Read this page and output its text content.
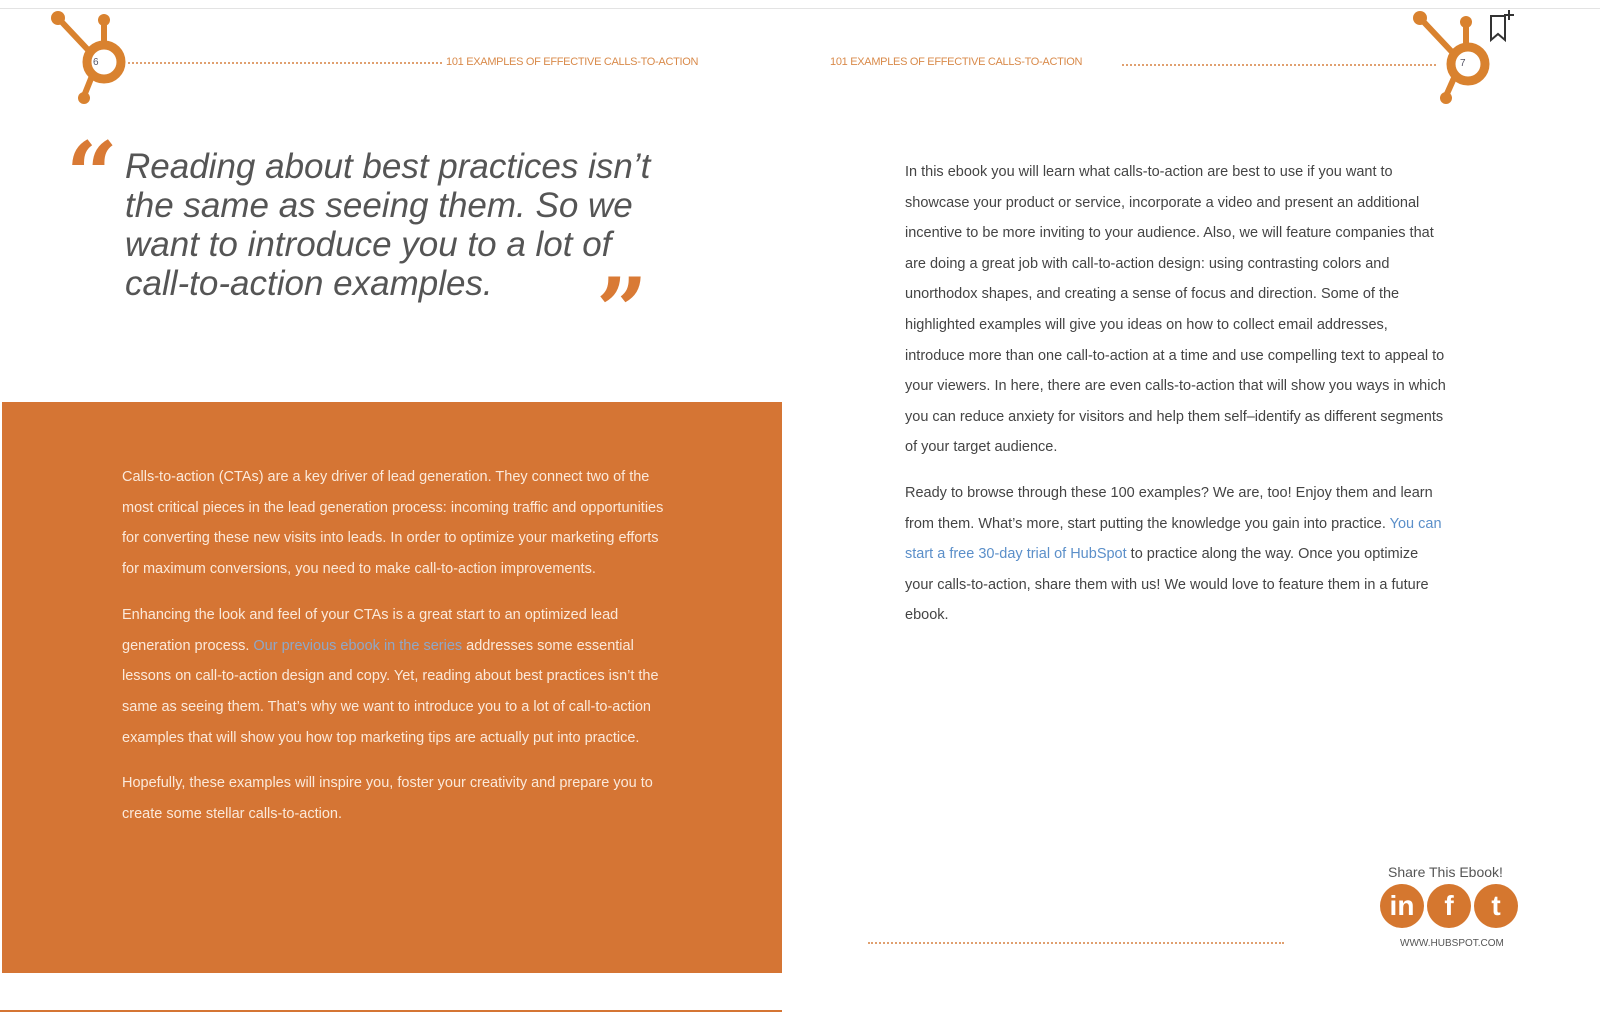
6	101 EXAMPLES OF EFFECTIVE CALLS-TO-ACTION	101 EXAMPLES OF EFFECTIVE CALLS-TO-ACTION	7
“ Reading about best practices isn’t the same as seeing them. So we want to introduce you to a lot of call-to-action examples.	”

Calls-to-action (CTAs) are a key driver of lead generation. They connect two of the most critical pieces in the lead generation process: incoming traffic and opportunities for converting these new visits into leads. In order to optimize your marketing efforts for maximum conversions, you need to make call-to-action improvements.

Enhancing the look and feel of your CTAs is a great start to an optimized lead generation process. Our previous ebook in the series addresses some essential lessons on call-to-action design and copy. Yet, reading about best practices isn’t the same as seeing them. That’s why we want to introduce you to a lot of call-to-action examples that will show you how top marketing tips are actually put into practice.

Hopefully, these examples will inspire you, foster your creativity and prepare you to create some stellar calls-to-action.

In this ebook you will learn what calls-to-action are best to use if you want to showcase your product or service, incorporate a video and present an additional incentive to be more inviting to your audience. Also, we will feature companies that are doing a great job with call-to-action design: using contrasting colors and unorthodox shapes, and creating a sense of focus and direction. Some of the highlighted examples will give you ideas on how to collect email addresses, introduce more than one call-to-action at a time and use compelling text to appeal to your viewers. In here, there are even calls-to-action that will show you ways in which you can reduce anxiety for visitors and help them self–identify as different segments of your target audience.

Ready to browse through these 100 examples? We are, too! Enjoy them and learn from them. What’s more, start putting the knowledge you gain into practice. You can start a free 30-day trial of HubSpot to practice along the way. Once you optimize your calls-to-action, share them with us! We would love to feature them in a future ebook.

Share This Ebook!
in	f	t
WWW.HUBSPOT.COM
